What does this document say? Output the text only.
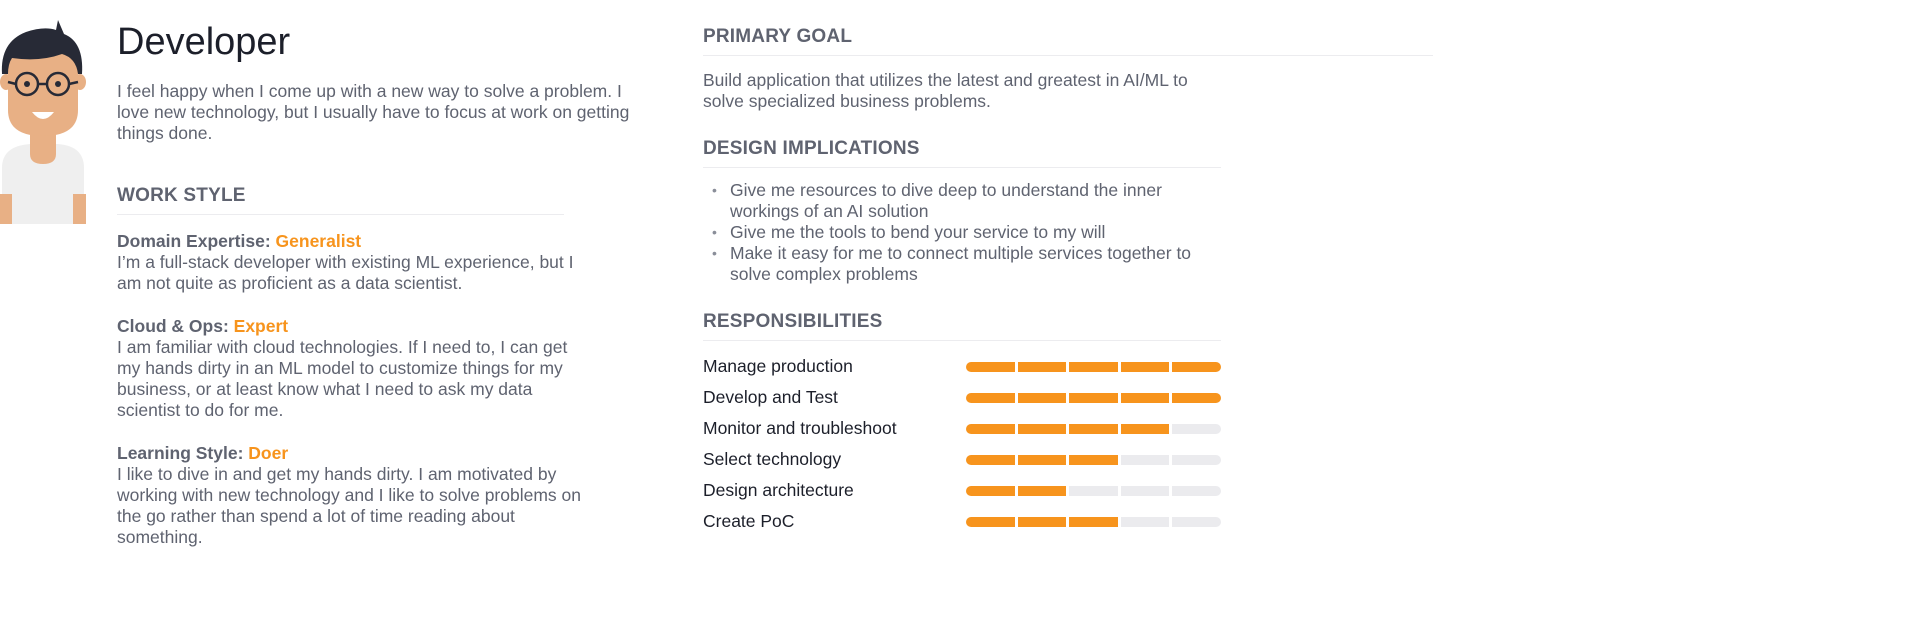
Developer
I feel happy when I come up with a new way to solve a problem. I love new technology, but I usually have to focus at work on getting things done.
WORK STYLE
Domain Expertise: Generalist
I’m a full-stack developer with existing ML experience, but I am not quite as proficient as a data scientist.
Cloud & Ops: Expert
I am familiar with cloud technologies. If I need to, I can get my hands dirty in an ML model to customize things for my business, or at least know what I need to ask my data scientist to do for me.
Learning Style: Doer
I like to dive in and get my hands dirty. I am motivated by working with new technology and I like to solve problems on the go rather than spend a lot of time reading about something.
PRIMARY GOAL
Build application that utilizes the latest and greatest in AI/ML to solve specialized business problems.
DESIGN IMPLICATIONS
• Give me resources to dive deep to understand the inner workings of an AI solution
• Give me the tools to bend your service to my will
• Make it easy for me to connect multiple services together to solve complex problems
RESPONSIBILITIES
Manage production
Develop and Test
Monitor and troubleshoot
Select technology
Design architecture
Create PoC
